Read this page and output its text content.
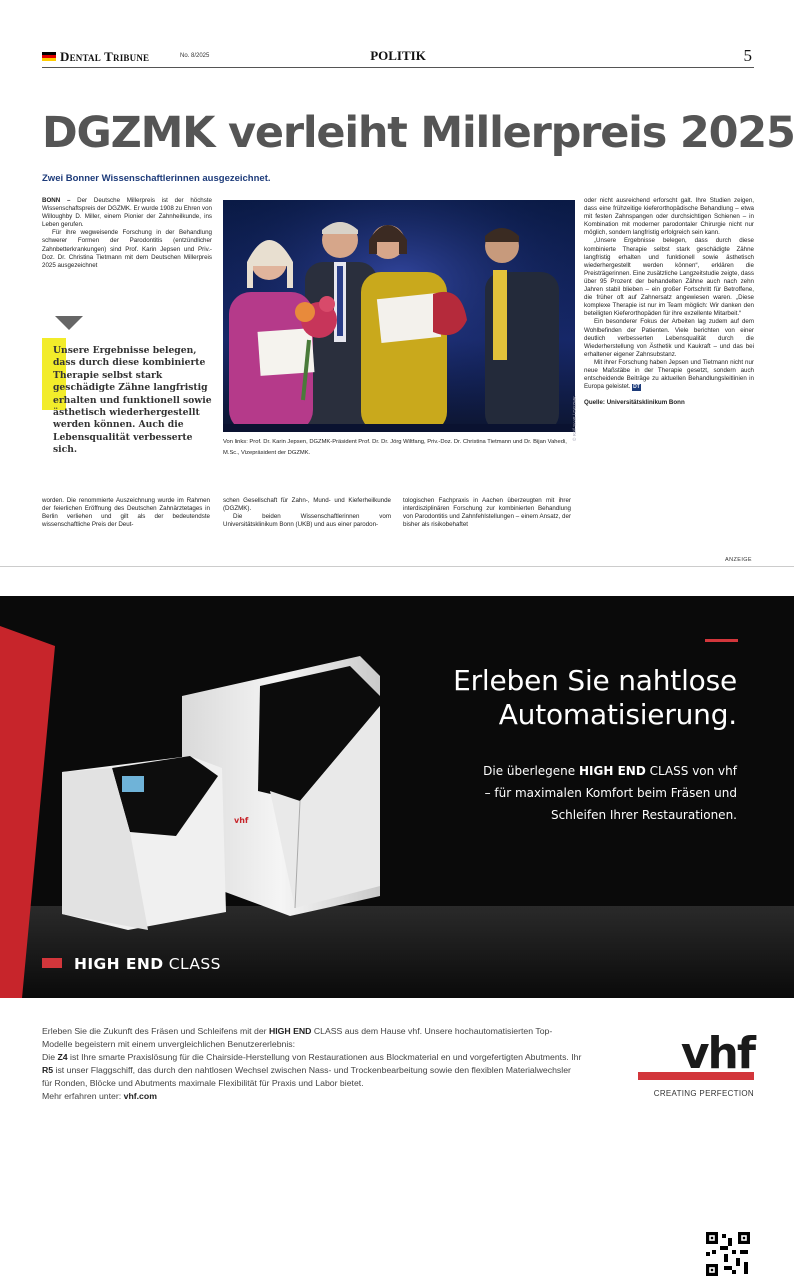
Dental Tribune	No. 8/2025	POLITIK	5
DGZMK verleiht Millerpreis 2025
Zwei Bonner Wissenschaftlerinnen ausgezeichnet.

BONN – Der Deutsche Millerpreis ist der höchste Wissenschaftspreis der DGZMK. Er wurde 1908 zu Ehren von Willoughby D. Miller, einem Pionier der Zahnheilkunde, ins Leben gerufen.

Für ihre wegweisende Forschung in der Behandlung schwerer Formen der Parodontitis (entzündlicher Zahnbetterkrankungen) sind Prof. Karin Jepsen und Priv.-Doz. Dr. Christina Tietmann mit dem Deutschen Millerpreis 2025 ausgezeichnet

Unsere Ergebnisse belegen, dass durch diese kombinierte Therapie selbst stark geschädigte Zähne langfristig erhalten und funktionell sowie ästhetisch wiederhergestellt werden können. Auch die Lebensqualität verbesserte sich.
© Rolf Scott / DGZMK
Von links: Prof. Dr. Karin Jepsen, DGZMK-Präsident Prof. Dr. Dr. Jörg Wiltfang, Priv.-Doz. Dr. Christina Tietmann und Dr. Bijan Vahedi, M.Sc., Vizepräsident der DGZMK.

worden. Die renommierte Auszeichnung wurde im Rahmen der feierlichen Eröffnung des Deutschen Zahnärztetages in Berlin verliehen und gilt als der bedeutendste wissenschaftliche Preis der Deut-

schen Gesellschaft für Zahn-, Mund- und Kieferheilkunde (DGZMK).

Die beiden Wissenschaftlerinnen vom Universitätsklinikum Bonn (UKB) und aus einer parodon-

tologischen Fachpraxis in Aachen überzeugten mit ihrer interdisziplinären Forschung zur kombinierten Behandlung von Parodontitis und Zahnfehlstellungen – einem Ansatz, der bisher als risikobehaftet

oder nicht ausreichend erforscht galt. Ihre Studien zeigen, dass eine frühzeitige kieferorthopädische Behandlung – etwa mit festen Zahnspangen oder durchsichtigen Schienen – in Kombination mit moderner parodontaler Chirurgie nicht nur möglich, sondern langfristig erfolgreich sein kann.

„Unsere Ergebnisse belegen, dass durch diese kombinierte Therapie selbst stark geschädigte Zähne langfristig erhalten und funktionell sowie ästhetisch wiederhergestellt werden können“, erklären die Preisträgerinnen. Eine zusätzliche Langzeitstudie zeigte, dass über 95 Prozent der behandelten Zähne auch nach zehn Jahren stabil blieben – ein großer Fortschritt für Betroffene, die früher oft auf Zahnersatz angewiesen waren. „Diese komplexe Therapie ist nur im Team möglich: Wir danken den beteiligten Kieferorthopäden für ihre exzellente Mitarbeit.“

Ein besonderer Fokus der Arbeiten lag zudem auf dem Wohlbefinden der Patienten. Viele berichten von einer deutlich verbesserten Lebensqualität durch die Wiederherstellung von Ästhetik und Kaukraft – und das bei erhaltener eigener Zahnsubstanz.

Mit ihrer Forschung haben Jepsen und Tietmann nicht nur neue Maßstäbe in der Therapie gesetzt, sondern auch entscheidende Beiträge zu aktuellen Behandlungsleitlinien in Europa geleistet. DT

Quelle: Universitätsklinikum Bonn

ANZEIGE
vhf
Erleben Sie nahtlose
Automatisierung.
Die überlegene HIGH END CLASS von vhf
– für maximalen Komfort beim Fräsen und
Schleifen Ihrer Restaurationen.
HIGH END CLASS

Erleben Sie die Zukunft des Fräsen und Schleifens mit der HIGH END CLASS aus dem Hause vhf. Unsere hochautomatisierten Top-Modelle begeistern mit einem unvergleichlichen Benutzererlebnis:

Die Z4 ist Ihre smarte Praxislösung für die Chairside-Herstellung von Restaurationen aus Blockmaterial en und vorgefertigten Abutments. Ihr R5 ist unser Flaggschiff, das durch den nahtlosen Wechsel zwischen Nass- und Trockenbearbeitung sowie den flexiblen Materialwechsler für Ronden, Blöcke und Abutments maximale Flexibilität für Praxis und Labor bietet.

Mehr erfahren unter: vhf.com

vhf
CREATING PERFECTION
